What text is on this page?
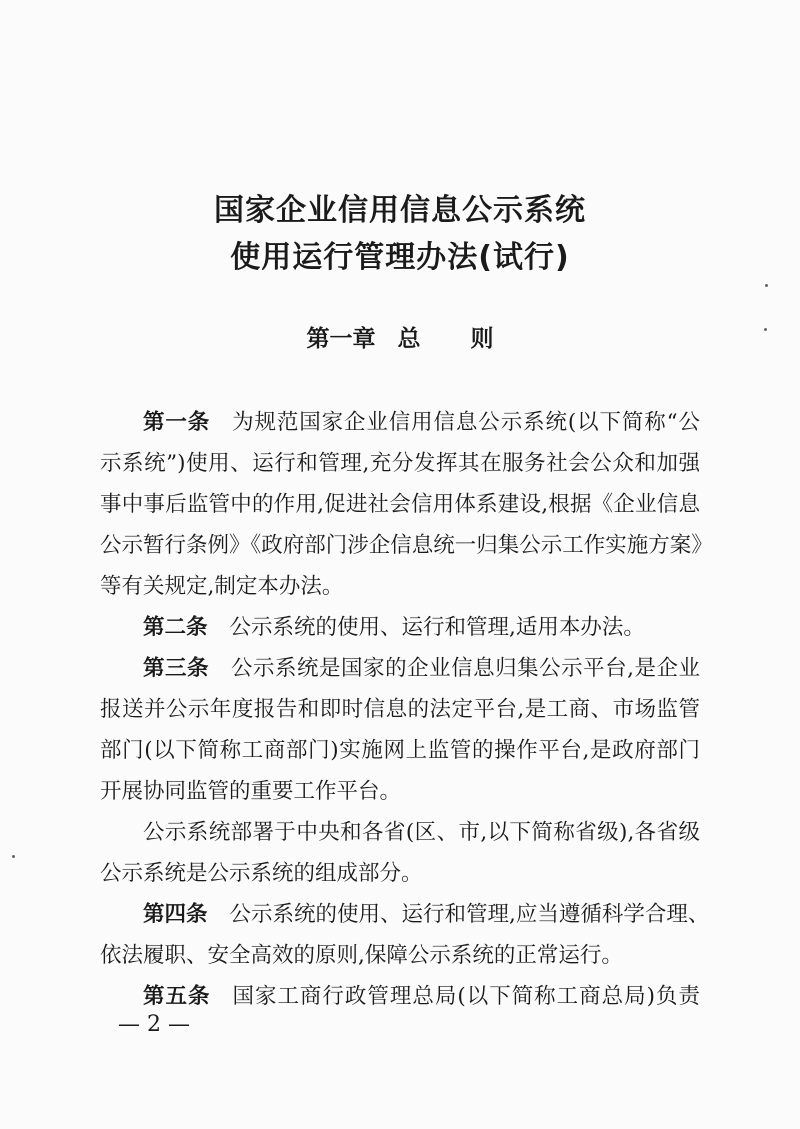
国家企业信用信息公示系统
使用运行管理办法(试行)
第一章 总 则

第一条 为规范国家企业信用信息公示系统(以下简称“公

示系统”)使用、运行和管理,充分发挥其在服务社会公众和加强

事中事后监管中的作用,促进社会信用体系建设,根据《企业信息

公示暂行条例》《政府部门涉企信息统一归集公示工作实施方案》

等有关规定,制定本办法。

第二条 公示系统的使用、运行和管理,适用本办法。

第三条 公示系统是国家的企业信息归集公示平台,是企业

报送并公示年度报告和即时信息的法定平台,是工商、市场监管

部门(以下简称工商部门)实施网上监管的操作平台,是政府部门

开展协同监管的重要工作平台。

公示系统部署于中央和各省(区、市,以下简称省级),各省级

公示系统是公示系统的组成部分。

第四条 公示系统的使用、运行和管理,应当遵循科学合理、

依法履职、安全高效的原则,保障公示系统的正常运行。

第五条 国家工商行政管理总局(以下简称工商总局)负责

— 2 —
